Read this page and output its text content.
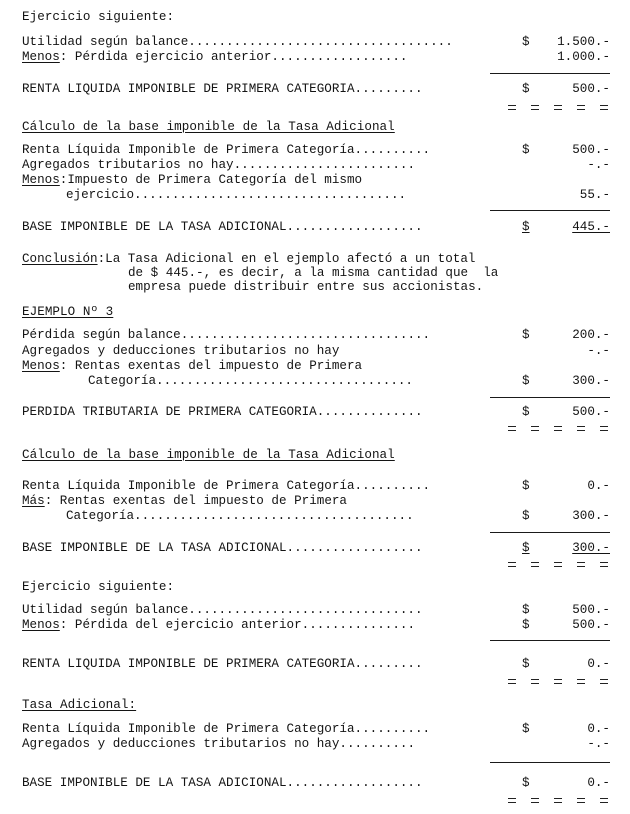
Ejercicio siguiente:
Utilidad según balance...................................	$ 1.500.-
Menos: Pérdida ejercicio anterior..................	1.000.-
RENTA LIQUIDA IMPONIBLE DE PRIMERA CATEGORIA.........	$	500.-
Cálculo de la base imponible de la Tasa Adicional
Renta Líquida Imponible de Primera Categoría..........	$	500.-
Agregados tributarios no hay........................	-.-
Menos:Impuesto de Primera Categoría del mismo
ejercicio....................................	55.-
BASE IMPONIBLE DE LA TASA ADICIONAL..................	$	445.-
Conclusión:La Tasa Adicional en el ejemplo afectó a un total
de $ 445.-, es decir, a la misma cantidad que  la
empresa puede distribuir entre sus accionistas.
EJEMPLO Nº 3
Pérdida según balance.................................	$	200.-
Agregados y deducciones tributarios no hay	-.-
Menos: Rentas exentas del impuesto de Primera
Categoría..................................	$	300.-
PERDIDA TRIBUTARIA DE PRIMERA CATEGORIA..............	$	500.-
Cálculo de la base imponible de la Tasa Adicional
Renta Líquida Imponible de Primera Categoría..........	$	0.-
Más: Rentas exentas del impuesto de Primera
Categoría.....................................	$	300.-
BASE IMPONIBLE DE LA TASA ADICIONAL..................	$	300.-
Ejercicio siguiente:
Utilidad según balance...............................	$	500.-
Menos: Pérdida del ejercicio anterior...............	$	500.-
RENTA LIQUIDA IMPONIBLE DE PRIMERA CATEGORIA.........	$	0.-
Tasa Adicional:
Renta Líquida Imponible de Primera Categoría..........	$	0.-
Agregados y deducciones tributarios no hay..........	-.-
BASE IMPONIBLE DE LA TASA ADICIONAL..................	$	0.-
